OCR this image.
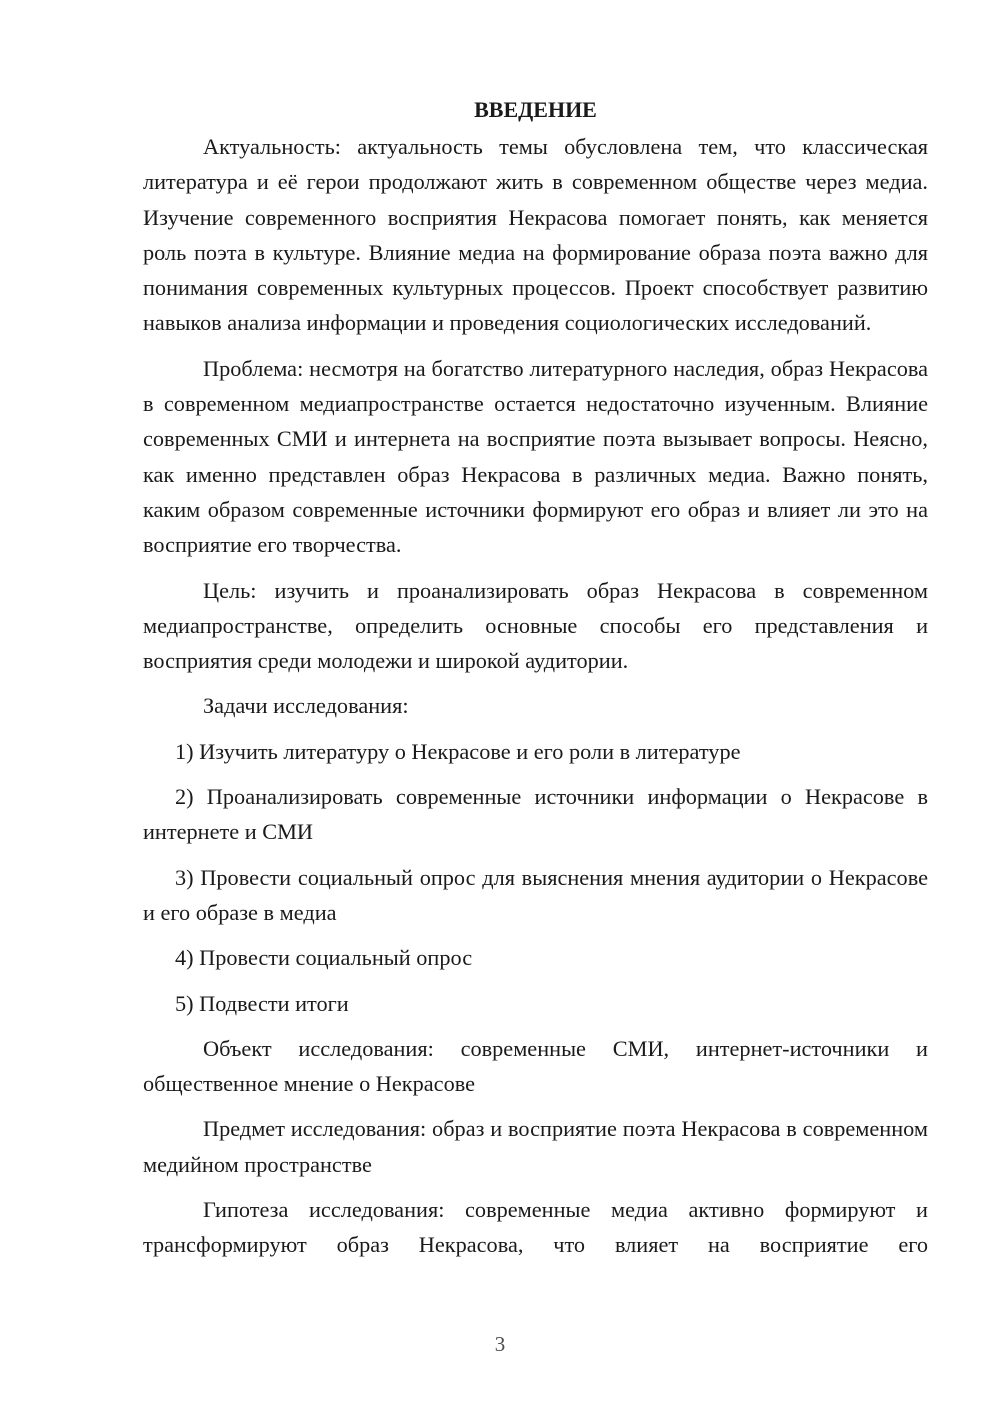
ВВЕДЕНИЕ

Актуальность: актуальность темы обусловлена тем, что классическая литература и её герои продолжают жить в современном обществе через медиа. Изучение современного восприятия Некрасова помогает понять, как меняется роль поэта в культуре. Влияние медиа на формирование образа поэта важно для понимания современных культурных процессов. Проект способствует развитию навыков анализа информации и проведения социологических исследований.

Проблема: несмотря на богатство литературного наследия, образ Некрасова в современном медиапространстве остается недостаточно изученным. Влияние современных СМИ и интернета на восприятие поэта вызывает вопросы. Неясно, как именно представлен образ Некрасова в различных медиа. Важно понять, каким образом современные источники формируют его образ и влияет ли это на восприятие его творчества.

Цель: изучить и проанализировать образ Некрасова в современном медиапространстве, определить основные способы его представления и восприятия среди молодежи и широкой аудитории.

Задачи исследования:

1) Изучить литературу о Некрасове и его роли в литературе

2) Проанализировать современные источники информации о Некрасове в интернете и СМИ

3) Провести социальный опрос для выяснения мнения аудитории о Некрасове и его образе в медиа

4) Провести социальный опрос

5) Подвести итоги

Объект исследования: современные СМИ, интернет-источники и общественное мнение о Некрасове

Предмет исследования: образ и восприятие поэта Некрасова в современном медийном пространстве

Гипотеза исследования: современные медиа активно формируют и трансформируют образ Некрасова, что влияет на восприятие его

3
